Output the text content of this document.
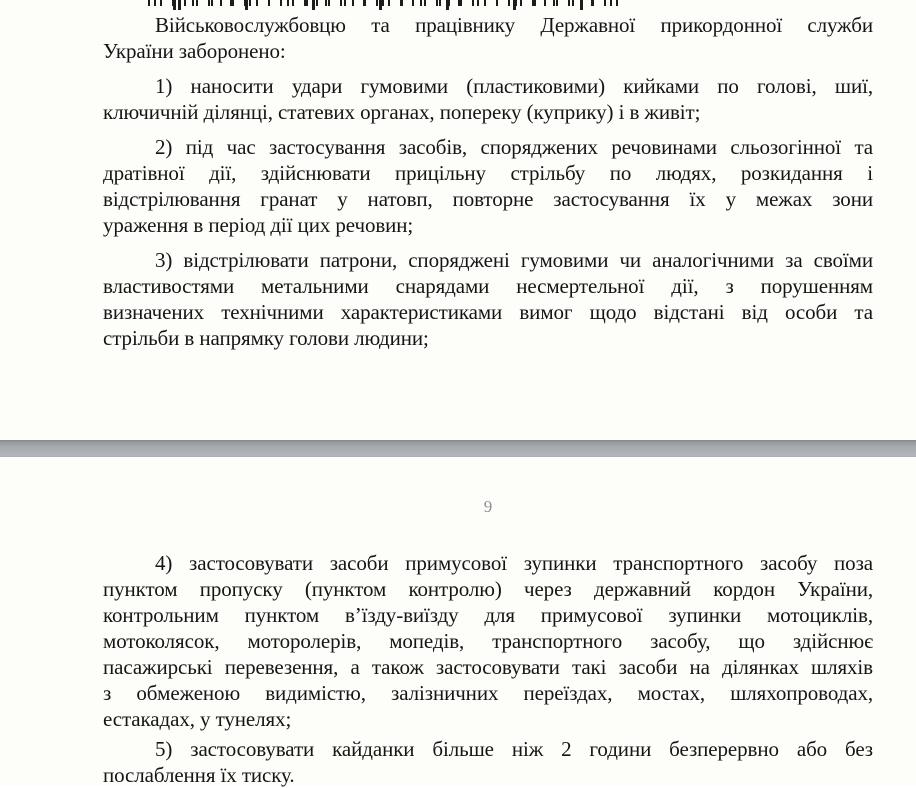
Військовослужбовцю та працівнику Державної прикордонної служби
України заборонено:
1) наносити удари гумовими (пластиковими) кийками по голові, шиї,
ключичній ділянці, статевих органах, попереку (куприку) і в живіт;
2) під час застосування засобів, споряджених речовинами сльозогінної та
дратівної дії, здійснювати прицільну стрільбу по людях, розкидання і
відстрілювання гранат у натовп, повторне застосування їх у межах зони
ураження в період дії цих речовин;
3) відстрілювати патрони, споряджені гумовими чи аналогічними за своїми
властивостями метальними снарядами несмертельної дії, з порушенням
визначених технічними характеристиками вимог щодо відстані від особи та
стрільби в напрямку голови людини;
9
4) застосовувати засоби примусової зупинки транспортного засобу поза
пунктом пропуску (пунктом контролю) через державний кордон України,
контрольним пунктом в’їзду-виїзду для примусової зупинки мотоциклів,
мотоколясок, моторолерів, мопедів, транспортного засобу, що здійснює
пасажирські перевезення, а також застосовувати такі засоби на ділянках шляхів
з обмеженою видимістю, залізничних переїздах, мостах, шляхопроводах,
естакадах, у тунелях;
5) застосовувати кайданки більше ніж 2 години безперервно або без
послаблення їх тиску.
